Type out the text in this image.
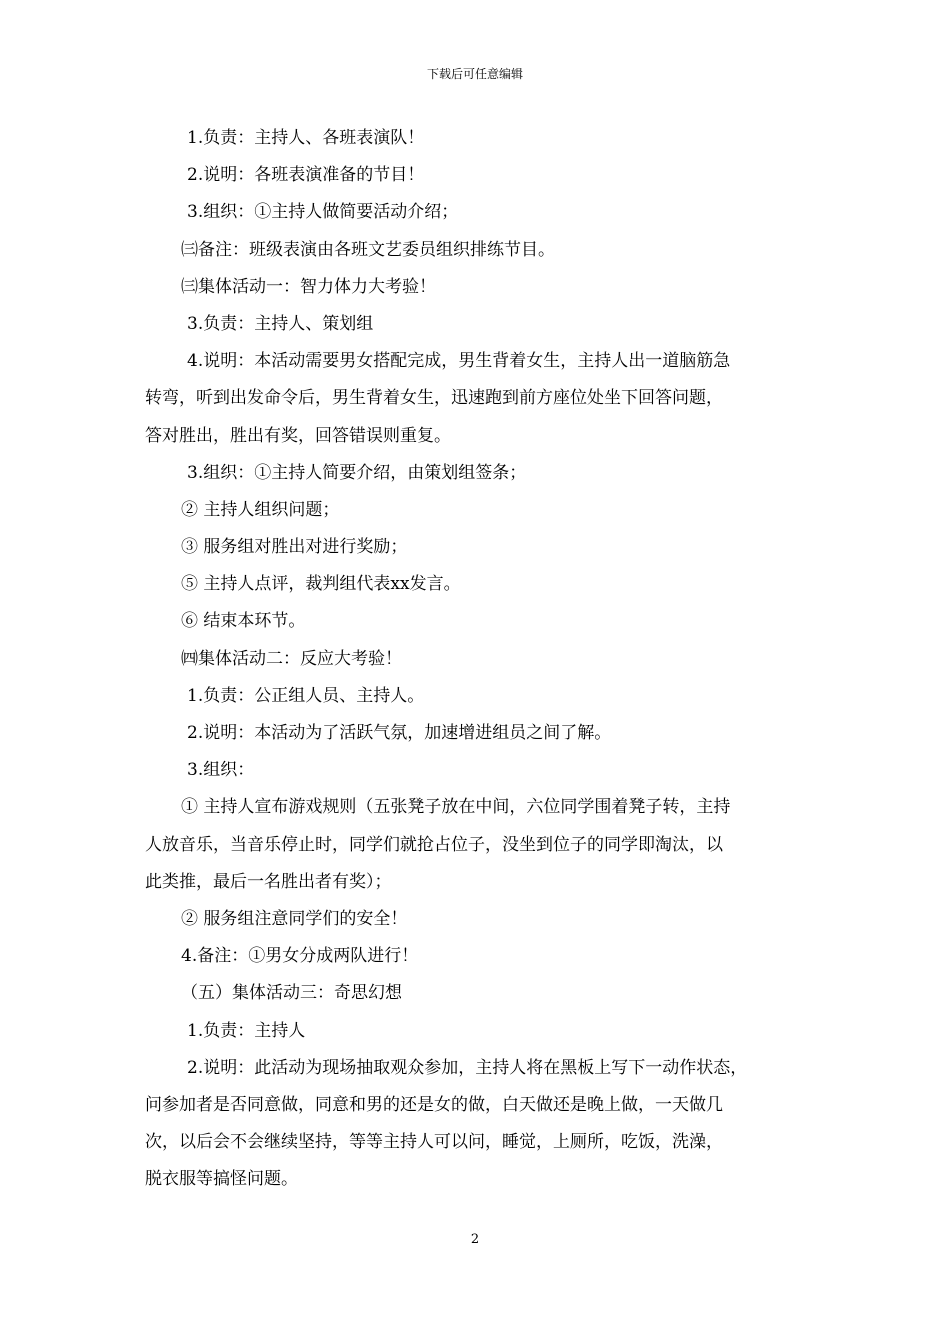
下载后可任意编辑
1.负责：主持人、各班表演队！
2.说明：各班表演准备的节目！
3.组织：①主持人做简要活动介绍；
㈢备注：班级表演由各班文艺委员组织排练节目。
㈢集体活动一：智力体力大考验！
3.负责：主持人、策划组
4.说明：本活动需要男女搭配完成，男生背着女生，主持人出一道脑筋急
转弯，听到出发命令后，男生背着女生，迅速跑到前方座位处坐下回答问题，
答对胜出，胜出有奖，回答错误则重复。
3.组织：①主持人简要介绍，由策划组签条；
② 主持人组织问题；
③ 服务组对胜出对进行奖励；
⑤ 主持人点评，裁判组代表xx发言。
⑥ 结束本环节。
㈣集体活动二：反应大考验！
1.负责：公正组人员、主持人。
2.说明：本活动为了活跃气氛，加速增进组员之间了解。
3.组织：
① 主持人宣布游戏规则（五张凳子放在中间，六位同学围着凳子转，主持
人放音乐，当音乐停止时，同学们就抢占位子，没坐到位子的同学即淘汰，以
此类推，最后一名胜出者有奖）；
② 服务组注意同学们的安全！
4.备注：①男女分成两队进行！
（五）集体活动三：奇思幻想
1.负责：主持人
2.说明：此活动为现场抽取观众参加，主持人将在黑板上写下一动作状态，
问参加者是否同意做，同意和男的还是女的做，白天做还是晚上做，一天做几
次，以后会不会继续坚持，等等主持人可以问，睡觉，上厕所，吃饭，洗澡，
脱衣服等搞怪问题。
2
